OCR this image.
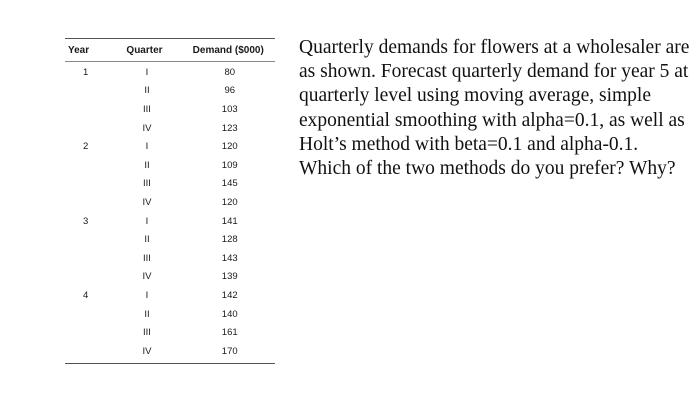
Year	Quarter	Demand ($000)
1	I	80
	II	96
	III	103
	IV	123
2	I	120
	II	109
	III	145
	IV	120
3	I	141
	II	128
	III	143
	IV	139
4	I	142
	II	140
	III	161
	IV	170

Quarterly demands for flowers at a wholesaler are as shown. Forecast quarterly demand for year 5 at quarterly level using moving average, simple exponential smoothing with alpha=0.1, as well as Holt’s method with beta=0.1 and alpha-0.1. Which of the two methods do you prefer? Why?
